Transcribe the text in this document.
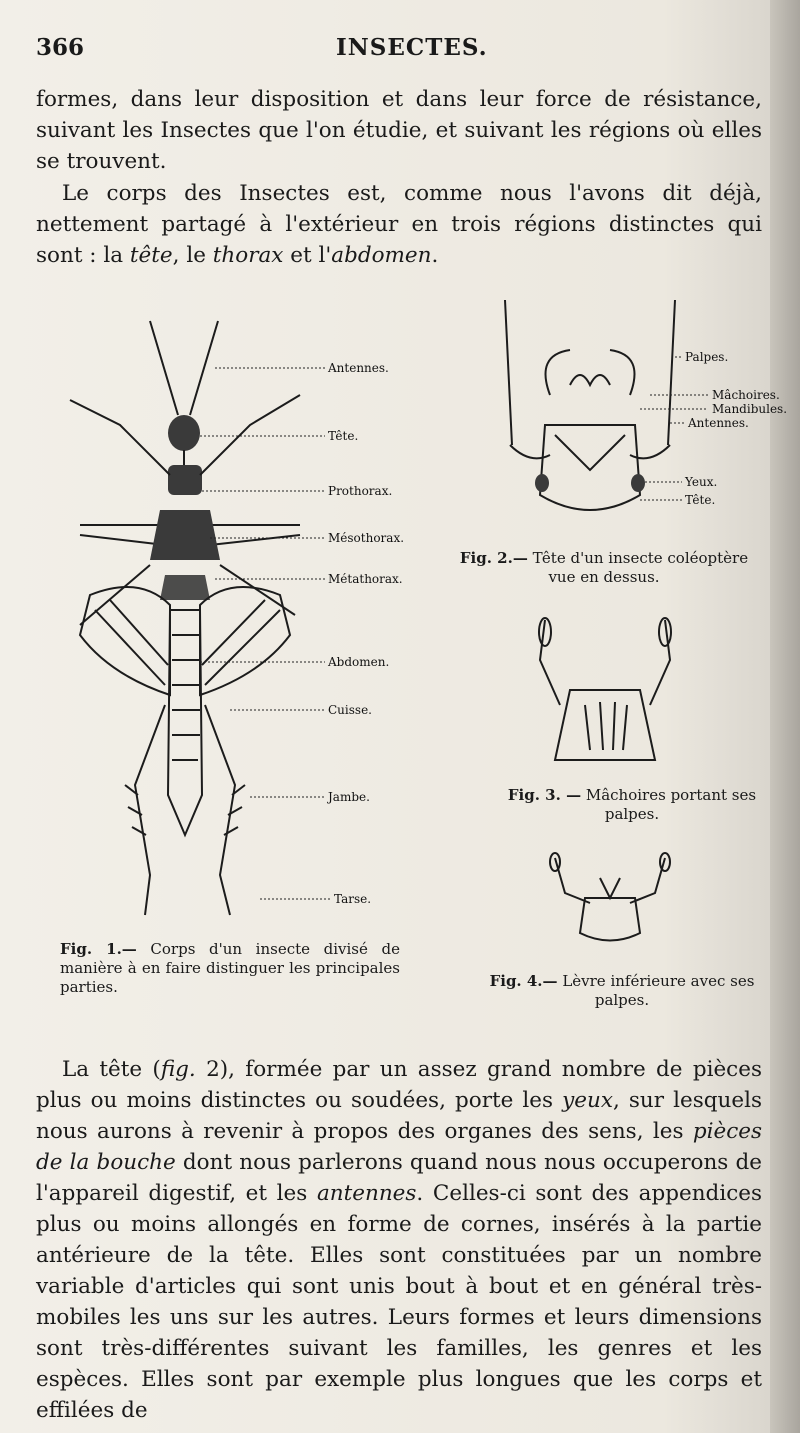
366	INSECTES.

formes, dans leur disposition et dans leur force de résistance, suivant les Insectes que l'on étudie, et suivant les régions où elles se trouvent.

Le corps des Insectes est, comme nous l'avons dit déjà, nettement partagé à l'extérieur en trois régions distinctes qui sont : la tête, le thorax et l'abdomen.

Antennes.
Tête.
Prothorax.
Mésothorax.
Métathorax.
Abdomen.
Cuisse.
Jambe.
Tarse.

Fig. 1.— Corps d'un insecte divisé de manière à en faire distinguer les principales parties.

Palpes.
Mâchoires.
Mandibules.
Antennes.
Yeux.
Tête.

Fig. 2.— Tête d'un insecte coléoptère vue en dessus.

Fig. 3. — Mâchoires portant ses palpes.

Fig. 4.— Lèvre inférieure avec ses palpes.

La tête (fig. 2), formée par un assez grand nombre de pièces plus ou moins distinctes ou soudées, porte les yeux, sur lesquels nous aurons à revenir à propos des organes des sens, les pièces de la bouche dont nous parlerons quand nous nous occuperons de l'appareil digestif, et les antennes. Celles-ci sont des appendices plus ou moins allongés en forme de cornes, insérés à la partie antérieure de la tête. Elles sont constituées par un nombre variable d'articles qui sont unis bout à bout et en général très-mobiles les uns sur les autres. Leurs formes et leurs dimensions sont très-différentes suivant les familles, les genres et les espèces. Elles sont par exemple plus longues que les corps et effilées de
